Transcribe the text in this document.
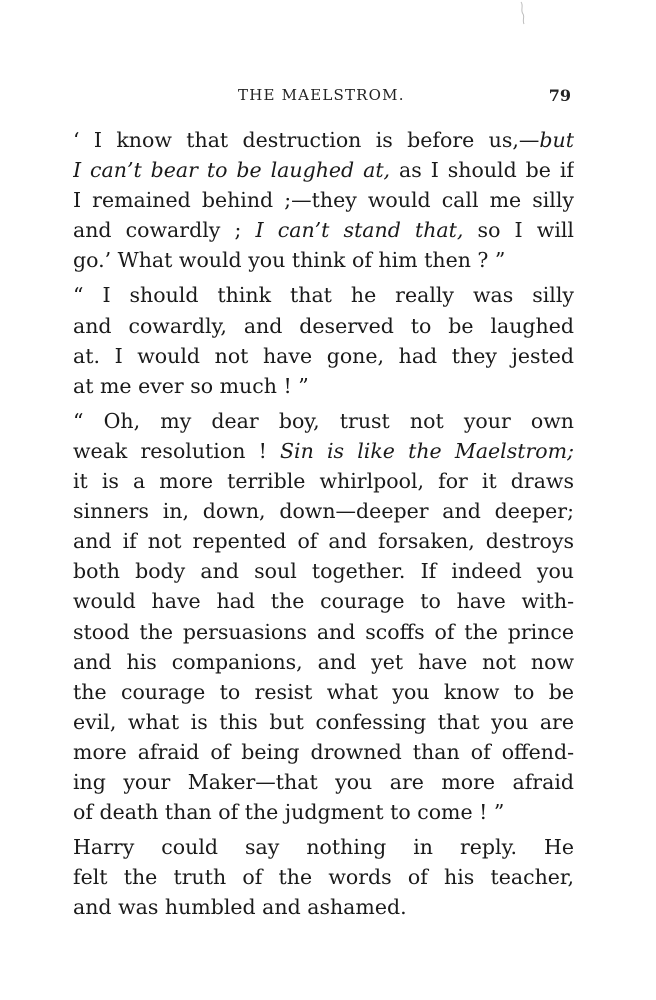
THE MAELSTROM.	79
‘ I know that destruction is before us,—but
I can’t bear to be laughed at, as I should be if
I remained behind ;—they would call me silly
and cowardly ; I can’t stand that, so I will
go.’ What would you think of him then ? ”
“ I should think that he really was silly
and cowardly, and deserved to be laughed
at. I would not have gone, had they jested
at me ever so much ! ”
“ Oh, my dear boy, trust not your own
weak resolution ! Sin is like the Maelstrom;
it is a more terrible whirlpool, for it draws
sinners in, down, down—deeper and deeper;
and if not repented of and forsaken, destroys
both body and soul together. If indeed you
would have had the courage to have with-
stood the persuasions and scoffs of the prince
and his companions, and yet have not now
the courage to resist what you know to be
evil, what is this but confessing that you are
more afraid of being drowned than of offend-
ing your Maker—that you are more afraid
of death than of the judgment to come ! ”
Harry could say nothing in reply. He
felt the truth of the words of his teacher,
and was humbled and ashamed.
